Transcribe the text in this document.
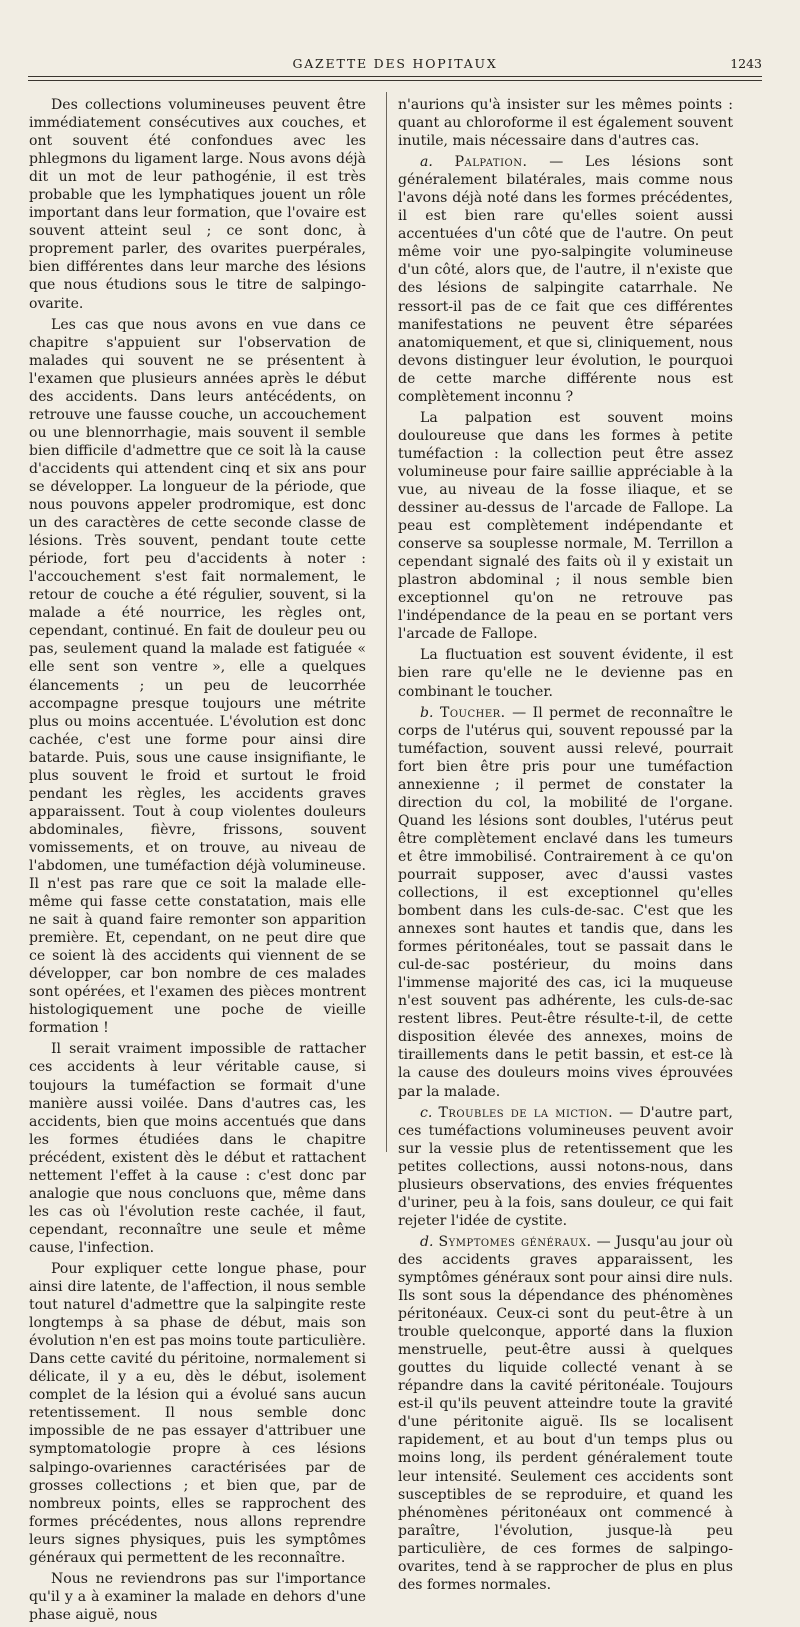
GAZETTE DES HOPITAUX	1243

Des collections volumineuses peuvent être immédiatement consécutives aux couches, et ont souvent été confondues avec les phlegmons du ligament large. Nous avons déjà dit un mot de leur pathogénie, il est très probable que les lymphatiques jouent un rôle important dans leur formation, que l'ovaire est souvent atteint seul ; ce sont donc, à proprement parler, des ovarites puerpérales, bien différentes dans leur marche des lésions que nous étudions sous le titre de salpingo-ovarite.

Les cas que nous avons en vue dans ce chapitre s'appuient sur l'observation de malades qui souvent ne se présentent à l'examen que plusieurs années après le début des accidents. Dans leurs antécédents, on retrouve une fausse couche, un accouchement ou une blennorrhagie, mais souvent il semble bien difficile d'admettre que ce soit là la cause d'accidents qui attendent cinq et six ans pour se développer. La longueur de la période, que nous pouvons appeler prodromique, est donc un des caractères de cette seconde classe de lésions. Très souvent, pendant toute cette période, fort peu d'accidents à noter : l'accouchement s'est fait normalement, le retour de couche a été régulier, souvent, si la malade a été nourrice, les règles ont, cependant, continué. En fait de douleur peu ou pas, seulement quand la malade est fatiguée « elle sent son ventre », elle a quelques élancements ; un peu de leucorrhée accompagne presque toujours une métrite plus ou moins accentuée. L'évolution est donc cachée, c'est une forme pour ainsi dire batarde. Puis, sous une cause insignifiante, le plus souvent le froid et surtout le froid pendant les règles, les accidents graves apparaissent. Tout à coup violentes douleurs abdominales, fièvre, frissons, souvent vomissements, et on trouve, au niveau de l'abdomen, une tuméfaction déjà volumineuse. Il n'est pas rare que ce soit la malade elle-même qui fasse cette constatation, mais elle ne sait à quand faire remonter son apparition première. Et, cependant, on ne peut dire que ce soient là des accidents qui viennent de se développer, car bon nombre de ces malades sont opérées, et l'examen des pièces montrent histologiquement une poche de vieille formation !

Il serait vraiment impossible de rattacher ces accidents à leur véritable cause, si toujours la tuméfaction se formait d'une manière aussi voilée. Dans d'autres cas, les accidents, bien que moins accentués que dans les formes étudiées dans le chapitre précédent, existent dès le début et rattachent nettement l'effet à la cause : c'est donc par analogie que nous concluons que, même dans les cas où l'évolution reste cachée, il faut, cependant, reconnaître une seule et même cause, l'infection.

Pour expliquer cette longue phase, pour ainsi dire latente, de l'affection, il nous semble tout naturel d'admettre que la salpingite reste longtemps à sa phase de début, mais son évolution n'en est pas moins toute particulière. Dans cette cavité du péritoine, normalement si délicate, il y a eu, dès le début, isolement complet de la lésion qui a évolué sans aucun retentissement. Il nous semble donc impossible de ne pas essayer d'attribuer une symptomatologie propre à ces lésions salpingo-ovariennes caractérisées par de grosses collections ; et bien que, par de nombreux points, elles se rapprochent des formes précédentes, nous allons reprendre leurs signes physiques, puis les symptômes généraux qui permettent de les reconnaître.

Nous ne reviendrons pas sur l'importance qu'il y a à examiner la malade en dehors d'une phase aiguë, nous

n'aurions qu'à insister sur les mêmes points : quant au chloroforme il est également souvent inutile, mais nécessaire dans d'autres cas.

a. Palpation. — Les lésions sont généralement bilatérales, mais comme nous l'avons déjà noté dans les formes précédentes, il est bien rare qu'elles soient aussi accentuées d'un côté que de l'autre. On peut même voir une pyo-salpingite volumineuse d'un côté, alors que, de l'autre, il n'existe que des lésions de salpingite catarrhale. Ne ressort-il pas de ce fait que ces différentes manifestations ne peuvent être séparées anatomiquement, et que si, cliniquement, nous devons distinguer leur évolution, le pourquoi de cette marche différente nous est complètement inconnu ?

La palpation est souvent moins douloureuse que dans les formes à petite tuméfaction : la collection peut être assez volumineuse pour faire saillie appréciable à la vue, au niveau de la fosse iliaque, et se dessiner au-dessus de l'arcade de Fallope. La peau est complètement indépendante et conserve sa souplesse normale, M. Terrillon a cependant signalé des faits où il y existait un plastron abdominal ; il nous semble bien exceptionnel qu'on ne retrouve pas l'indépendance de la peau en se portant vers l'arcade de Fallope.

La fluctuation est souvent évidente, il est bien rare qu'elle ne le devienne pas en combinant le toucher.

b. Toucher. — Il permet de reconnaître le corps de l'utérus qui, souvent repoussé par la tuméfaction, souvent aussi relevé, pourrait fort bien être pris pour une tuméfaction annexienne ; il permet de constater la direction du col, la mobilité de l'organe. Quand les lésions sont doubles, l'utérus peut être complètement enclavé dans les tumeurs et être immobilisé. Contrairement à ce qu'on pourrait supposer, avec d'aussi vastes collections, il est exceptionnel qu'elles bombent dans les culs-de-sac. C'est que les annexes sont hautes et tandis que, dans les formes péritonéales, tout se passait dans le cul-de-sac postérieur, du moins dans l'immense majorité des cas, ici la muqueuse n'est souvent pas adhérente, les culs-de-sac restent libres. Peut-être résulte-t-il, de cette disposition élevée des annexes, moins de tiraillements dans le petit bassin, et est-ce là la cause des douleurs moins vives éprouvées par la malade.

c. Troubles de la miction. — D'autre part, ces tuméfactions volumineuses peuvent avoir sur la vessie plus de retentissement que les petites collections, aussi notons-nous, dans plusieurs observations, des envies fréquentes d'uriner, peu à la fois, sans douleur, ce qui fait rejeter l'idée de cystite.

d. Symptomes généraux. — Jusqu'au jour où des accidents graves apparaissent, les symptômes généraux sont pour ainsi dire nuls. Ils sont sous la dépendance des phénomènes péritonéaux. Ceux-ci sont du peut-être à un trouble quelconque, apporté dans la fluxion menstruelle, peut-être aussi à quelques gouttes du liquide collecté venant à se répandre dans la cavité péritonéale. Toujours est-il qu'ils peuvent atteindre toute la gravité d'une péritonite aiguë. Ils se localisent rapidement, et au bout d'un temps plus ou moins long, ils perdent généralement toute leur intensité. Seulement ces accidents sont susceptibles de se reproduire, et quand les phénomènes péritonéaux ont commencé à paraître, l'évolution, jusque-là peu particulière, de ces formes de salpingo-ovarites, tend à se rapprocher de plus en plus des formes normales.
